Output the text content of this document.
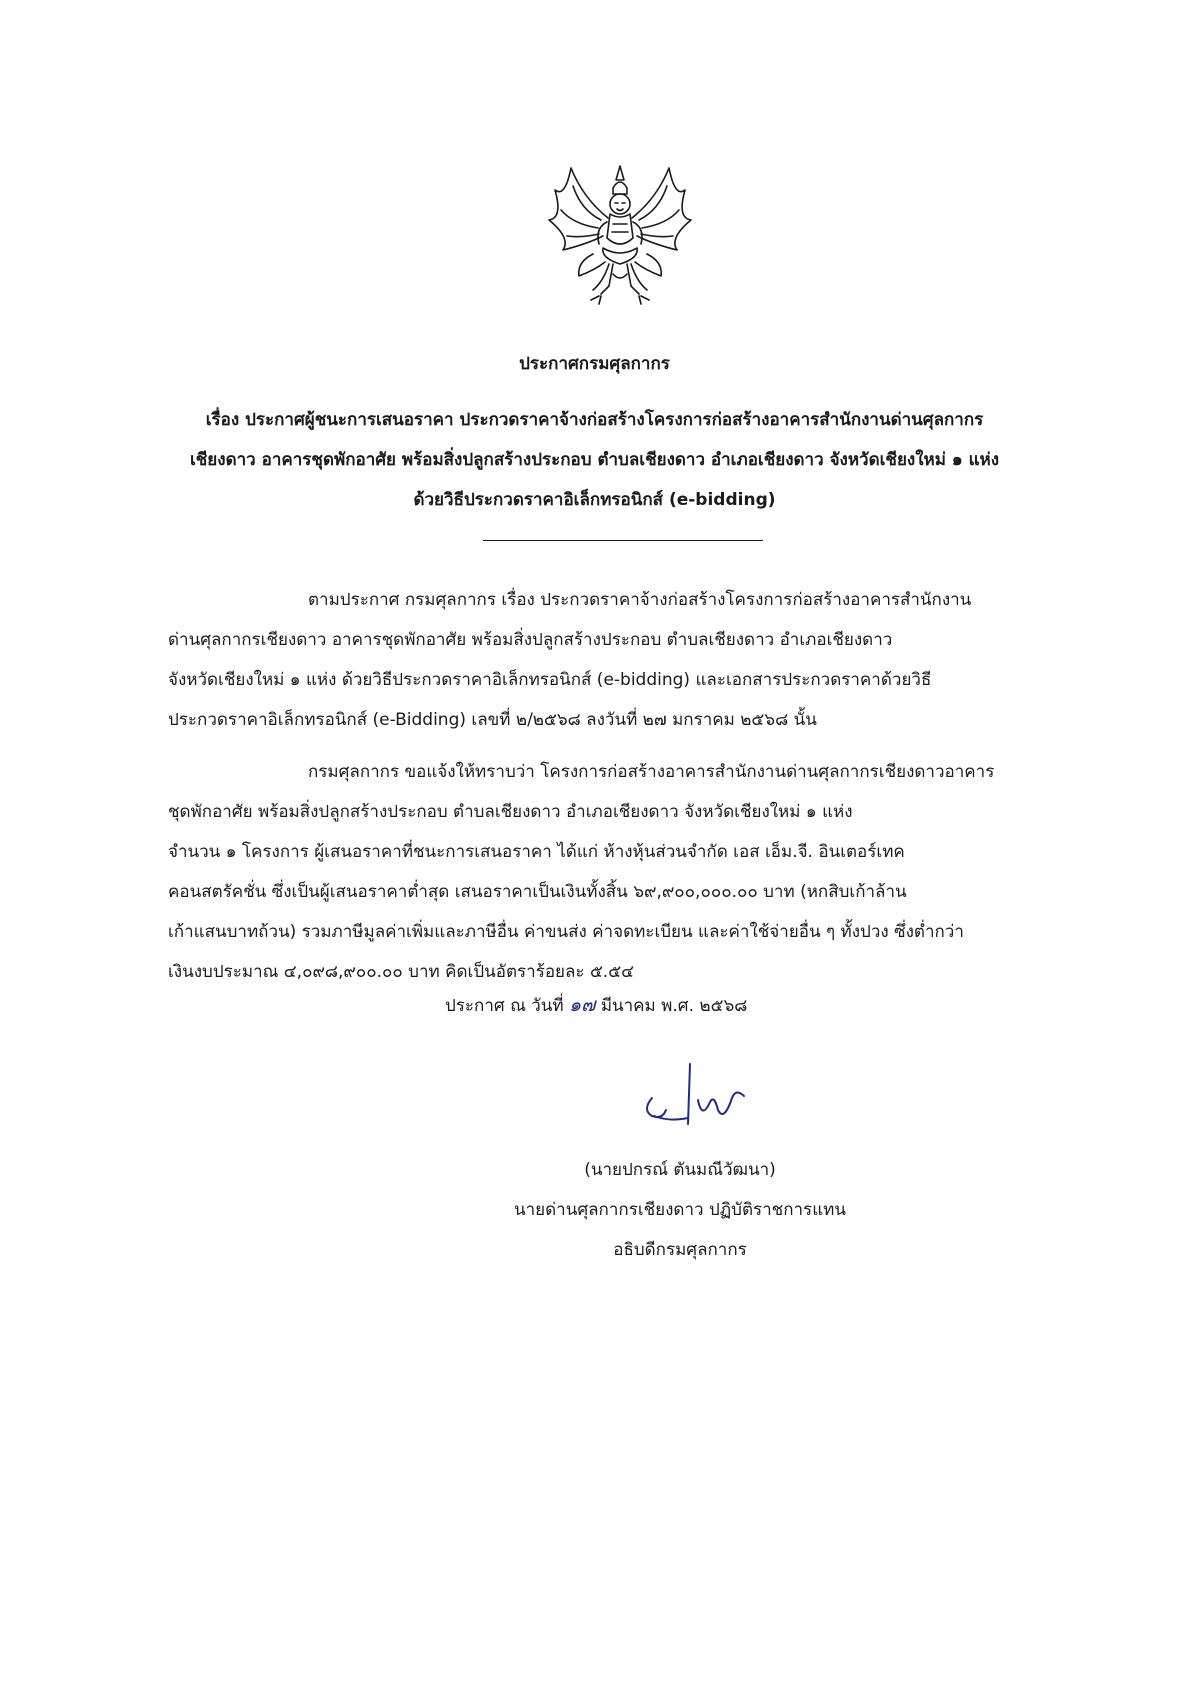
ประกาศกรมศุลกากร
เรื่อง ประกาศผู้ชนะการเสนอราคา ประกวดราคาจ้างก่อสร้างโครงการก่อสร้างอาคารสำนักงานด่านศุลกากร
เชียงดาว อาคารชุดพักอาศัย พร้อมสิ่งปลูกสร้างประกอบ ตำบลเชียงดาว อำเภอเชียงดาว จังหวัดเชียงใหม่ ๑ แห่ง
ด้วยวิธีประกวดราคาอิเล็กทรอนิกส์ (e-bidding)
ตามประกาศ กรมศุลกากร เรื่อง ประกวดราคาจ้างก่อสร้างโครงการก่อสร้างอาคารสำนักงาน
ด่านศุลกากรเชียงดาว อาคารชุดพักอาศัย พร้อมสิ่งปลูกสร้างประกอบ ตำบลเชียงดาว อำเภอเชียงดาว
จังหวัดเชียงใหม่ ๑ แห่ง ด้วยวิธีประกวดราคาอิเล็กทรอนิกส์ (e-bidding) และเอกสารประกวดราคาด้วยวิธี
ประกวดราคาอิเล็กทรอนิกส์ (e-Bidding) เลขที่ ๒/๒๕๖๘ ลงวันที่ ๒๗ มกราคม ๒๕๖๘ นั้น
กรมศุลกากร ขอแจ้งให้ทราบว่า โครงการก่อสร้างอาคารสำนักงานด่านศุลกากรเชียงดาวอาคาร
ชุดพักอาศัย พร้อมสิ่งปลูกสร้างประกอบ ตำบลเชียงดาว อำเภอเชียงดาว จังหวัดเชียงใหม่ ๑ แห่ง
จำนวน ๑ โครงการ ผู้เสนอราคาที่ชนะการเสนอราคา ได้แก่ ห้างหุ้นส่วนจำกัด เอส เอ็ม.จี. อินเตอร์เทค
คอนสตรัคชั่น ซึ่งเป็นผู้เสนอราคาต่ำสุด เสนอราคาเป็นเงินทั้งสิ้น ๖๙,๙๐๐,๐๐๐.๐๐ บาท (หกสิบเก้าล้าน
เก้าแสนบาทถ้วน) รวมภาษีมูลค่าเพิ่มและภาษีอื่น ค่าขนส่ง ค่าจดทะเบียน และค่าใช้จ่ายอื่น ๆ ทั้งปวง ซึ่งต่ำกว่า
เงินงบประมาณ ๔,๐๙๘,๙๐๐.๐๐ บาท คิดเป็นอัตราร้อยละ ๕.๕๔
ประกาศ ณ วันที่ ๑๗ มีนาคม พ.ศ. ๒๕๖๘
(นายปกรณ์ ตันมณีวัฒนา)
นายด่านศุลกากรเชียงดาว ปฏิบัติราชการแทน
อธิบดีกรมศุลกากร
